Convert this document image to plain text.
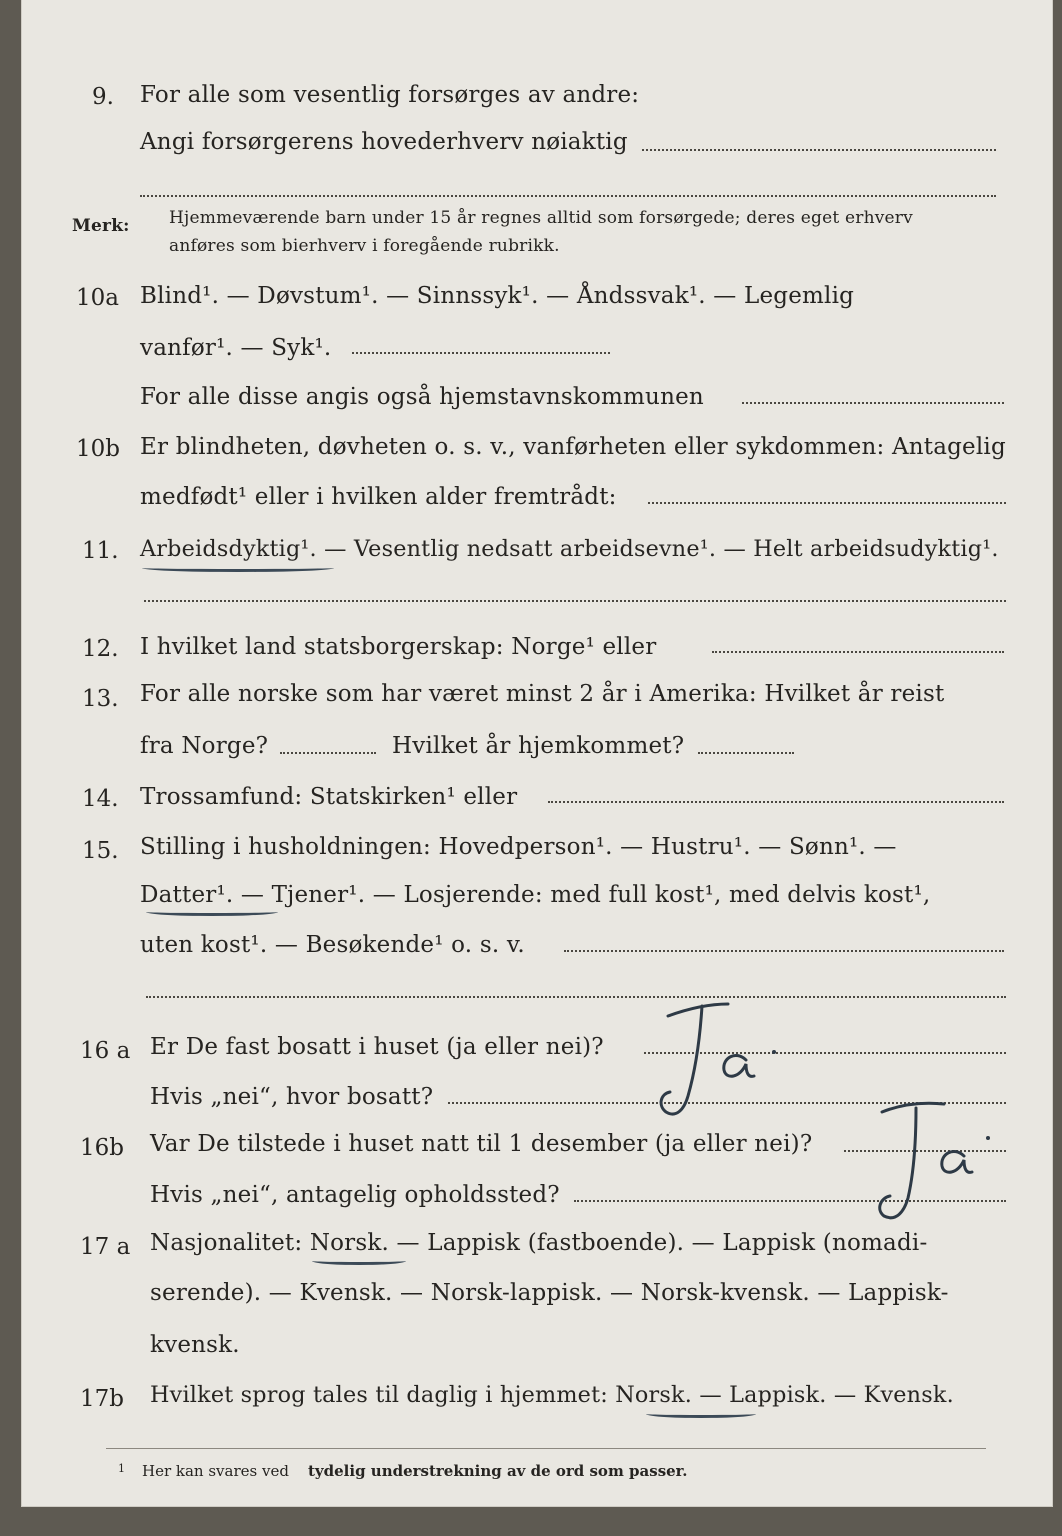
9. For alle som vesentlig forsørges av andre:
Angi forsørgerens hovederhverv nøiaktig
Merk: Hjemmeværende barn under 15 år regnes alltid som forsørgede; deres eget erhverv
anføres som bierhverv i foregående rubrikk.
10a Blind¹. — Døvstum¹. — Sinnssyk¹. — Åndssvak¹. — Legemlig
vanfør¹. — Syk¹.
For alle disse angis også hjemstavnskommunen
10b Er blindheten, døvheten o. s. v., vanførheten eller sykdommen: Antagelig
medfødt¹ eller i hvilken alder fremtrådt:
11. Arbeidsdyktig¹. — Vesentlig nedsatt arbeidsevne¹. — Helt arbeidsudyktig¹.
12. I hvilket land statsborgerskap: Norge¹ eller
13. For alle norske som har været minst 2 år i Amerika: Hvilket år reist
fra Norge?	Hvilket år hjemkommet?
14. Trossamfund: Statskirken¹ eller
15. Stilling i husholdningen: Hovedperson¹. — Hustru¹. — Sønn¹. —
Datter¹. — Tjener¹. — Losjerende: med full kost¹, med delvis kost¹,
uten kost¹. — Besøkende¹ o. s. v.
16 a Er De fast bosatt i huset (ja eller nei)?
Hvis „nei“, hvor bosatt?
16b Var De tilstede i huset natt til 1 desember (ja eller nei)?
Hvis „nei“, antagelig opholdssted?
17 a Nasjonalitet: Norsk. — Lappisk (fastboende). — Lappisk (nomadi-
serende). — Kvensk. — Norsk-lappisk. — Norsk-kvensk. — Lappisk-
kvensk.
17b Hvilket sprog tales til daglig i hjemmet: Norsk. — Lappisk. — Kvensk.
1 Her kan svares ved tydelig understrekning av de ord som passer.
